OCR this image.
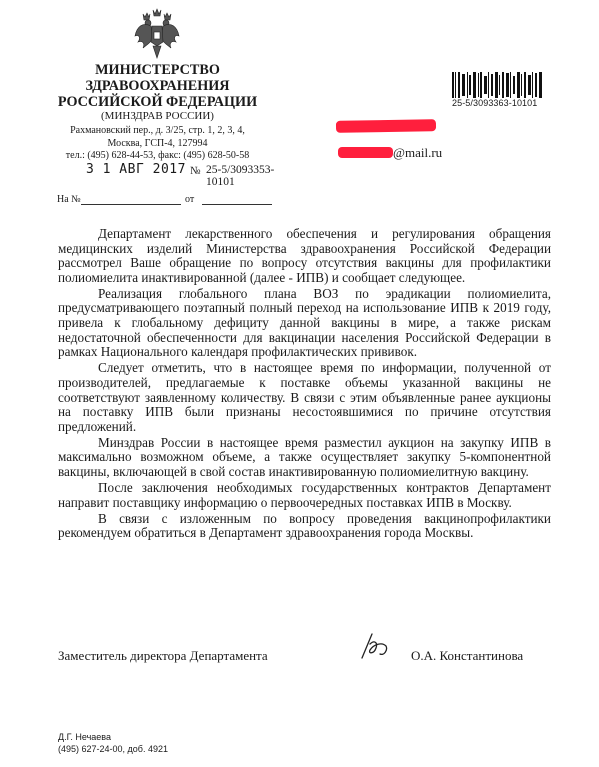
МИНИСТЕРСТВО
ЗДРАВООХРАНЕНИЯ
РОССИЙСКОЙ ФЕДЕРАЦИИ
(МИНЗДРАВ РОССИИ)
Рахмановский пер., д. 3/25, стр. 1, 2, 3, 4,
Москва, ГСП-4, 127994
тел.: (495) 628-44-53, факс: (495) 628-50-58
3 1 АВГ 2017 № 25-5/3093353-10101
На №	от
25-5/3093363-10101
@mail.ru

Департамент лекарственного обеспечения и регулирования обращения медицинских изделий Министерства здравоохранения Российской Федерации рассмотрел Ваше обращение по вопросу отсутствия вакцины для профилактики полиомиелита инактивированной (далее - ИПВ) и сообщает следующее.

Реализация глобального плана ВОЗ по эрадикации полиомиелита, предусматривающего поэтапный полный переход на использование ИПВ к 2019 году, привела к глобальному дефициту данной вакцины в мире, а также рискам недостаточной обеспеченности для вакцинации населения Российской Федерации в рамках Национального календаря профилактических прививок.

Следует отметить, что в настоящее время по информации, полученной от производителей, предлагаемые к поставке объемы указанной вакцины не соответствуют заявленному количеству. В связи с этим объявленные ранее аукционы на поставку ИПВ были признаны несостоявшимися по причине отсутствия предложений.

Минздрав России в настоящее время разместил аукцион на закупку ИПВ в максимально возможном объеме, а также осуществляет закупку 5-компонентной вакцины, включающей в свой состав инактивированную полиомиелитную вакцину.

После заключения необходимых государственных контрактов Департамент направит поставщику информацию о первоочередных поставках ИПВ в Москву.

В связи с изложенным по вопросу проведения вакцинопрофилактики рекомендуем обратиться в Департамент здравоохранения города Москвы.

Заместитель директора Департамента	О.А. Константинова
Д.Г. Нечаева
(495) 627-24-00, доб. 4921
